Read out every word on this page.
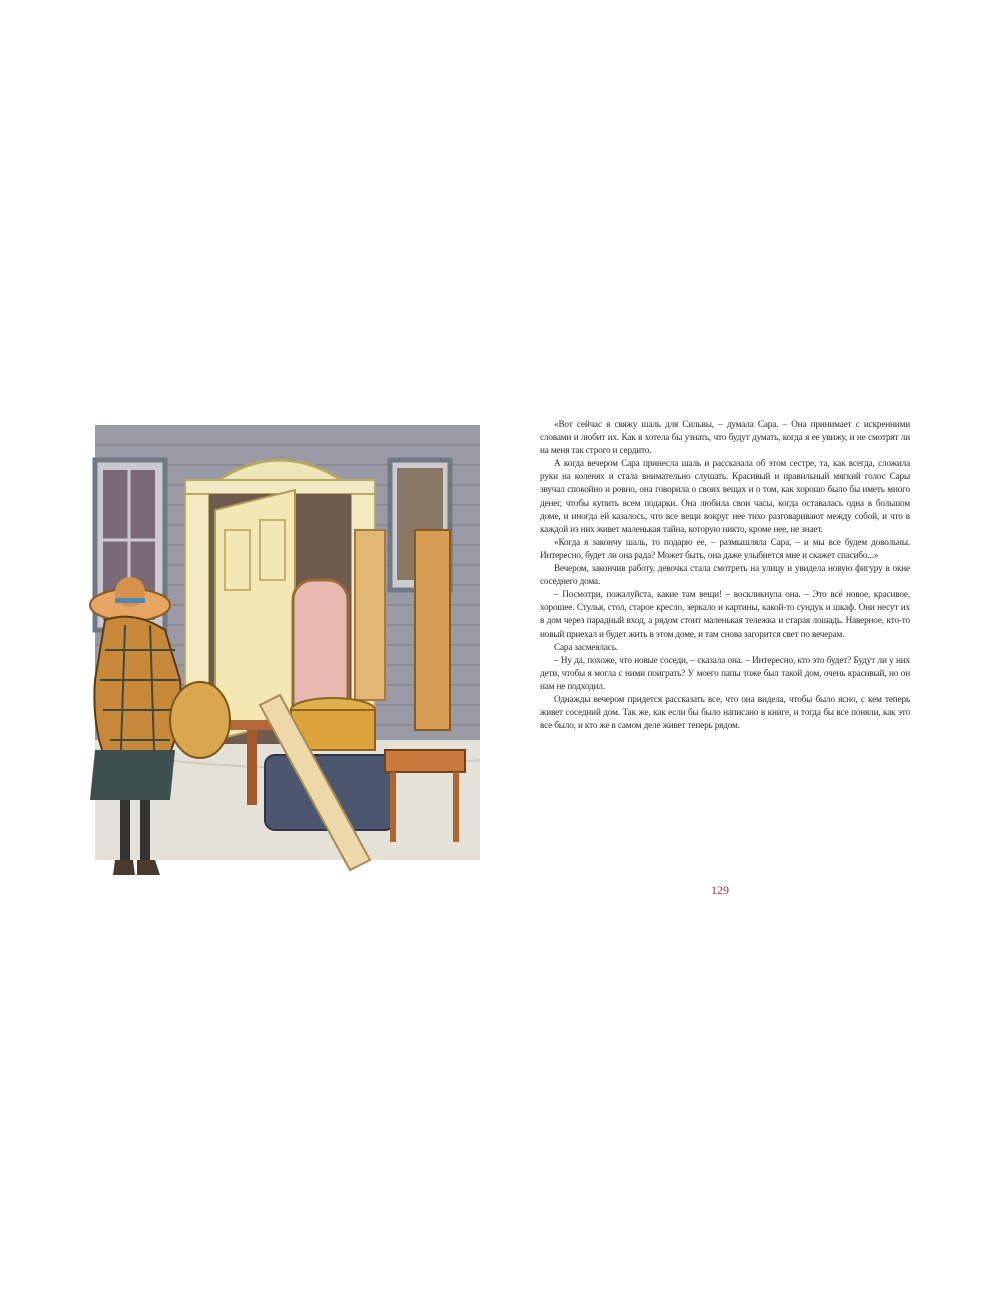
«Вот сейчас я свяжу шаль для Сильвы, – думала Сара. – Она принимает с искренними словами и любит их. Как я хотела бы узнать, что будут думать, когда я ее увижу, и не смотрят ли на меня так строго и сердито.

А когда вечером Сара принесла шаль и рассказала об этом сестре, та, как всегда, сложила руки на коленях и стала внимательно слушать. Красивый и правильный мягкий голос Сары звучал спокойно и ровно, она говорила о своих вещах и о том, как хорошо было бы иметь много денег, чтобы купить всем подарки. Она любила свои часы, когда оставалась одна в большом доме, и иногда ей казалось, что все вещи вокруг нее тихо разговаривают между собой, и что в каждой из них живет маленькая тайна, которую никто, кроме нее, не знает.

«Когда я закончу шаль, то подарю ее, – размышляла Сара, – и мы все будем довольны. Интересно, будет ли она рада? Может быть, она даже улыбнется мне и скажет спасибо...»

Вечером, закончив работу, девочка стала смотреть на улицу и увидела новую фигуру в окне соседнего дома.

– Посмотри, пожалуйста, какие там вещи! – воскликнула она. – Это всё новое, красивое, хорошее. Стулья, стол, старое кресло, зеркало и картины, какой-то сундук и шкаф. Они несут их в дом через парадный вход, а рядом стоит маленькая тележка и старая лошадь. Наверное, кто-то новый приехал и будет жить в этом доме, и там снова загорится свет по вечерам.

Сара засмеялась.

– Ну да, похоже, что новые соседи, – сказала она. – Интересно, кто это будет? Будут ли у них дети, чтобы я могла с ними поиграть? У моего папы тоже был такой дом, очень красивый, но он нам не подходил.

Однажды вечером придется рассказать все, что она видела, чтобы было ясно, с кем теперь живет соседний дом. Так же, как если бы было написано в книге, и тогда бы все поняли, как это все было, и кто же в самом деле живет теперь рядом.

129
